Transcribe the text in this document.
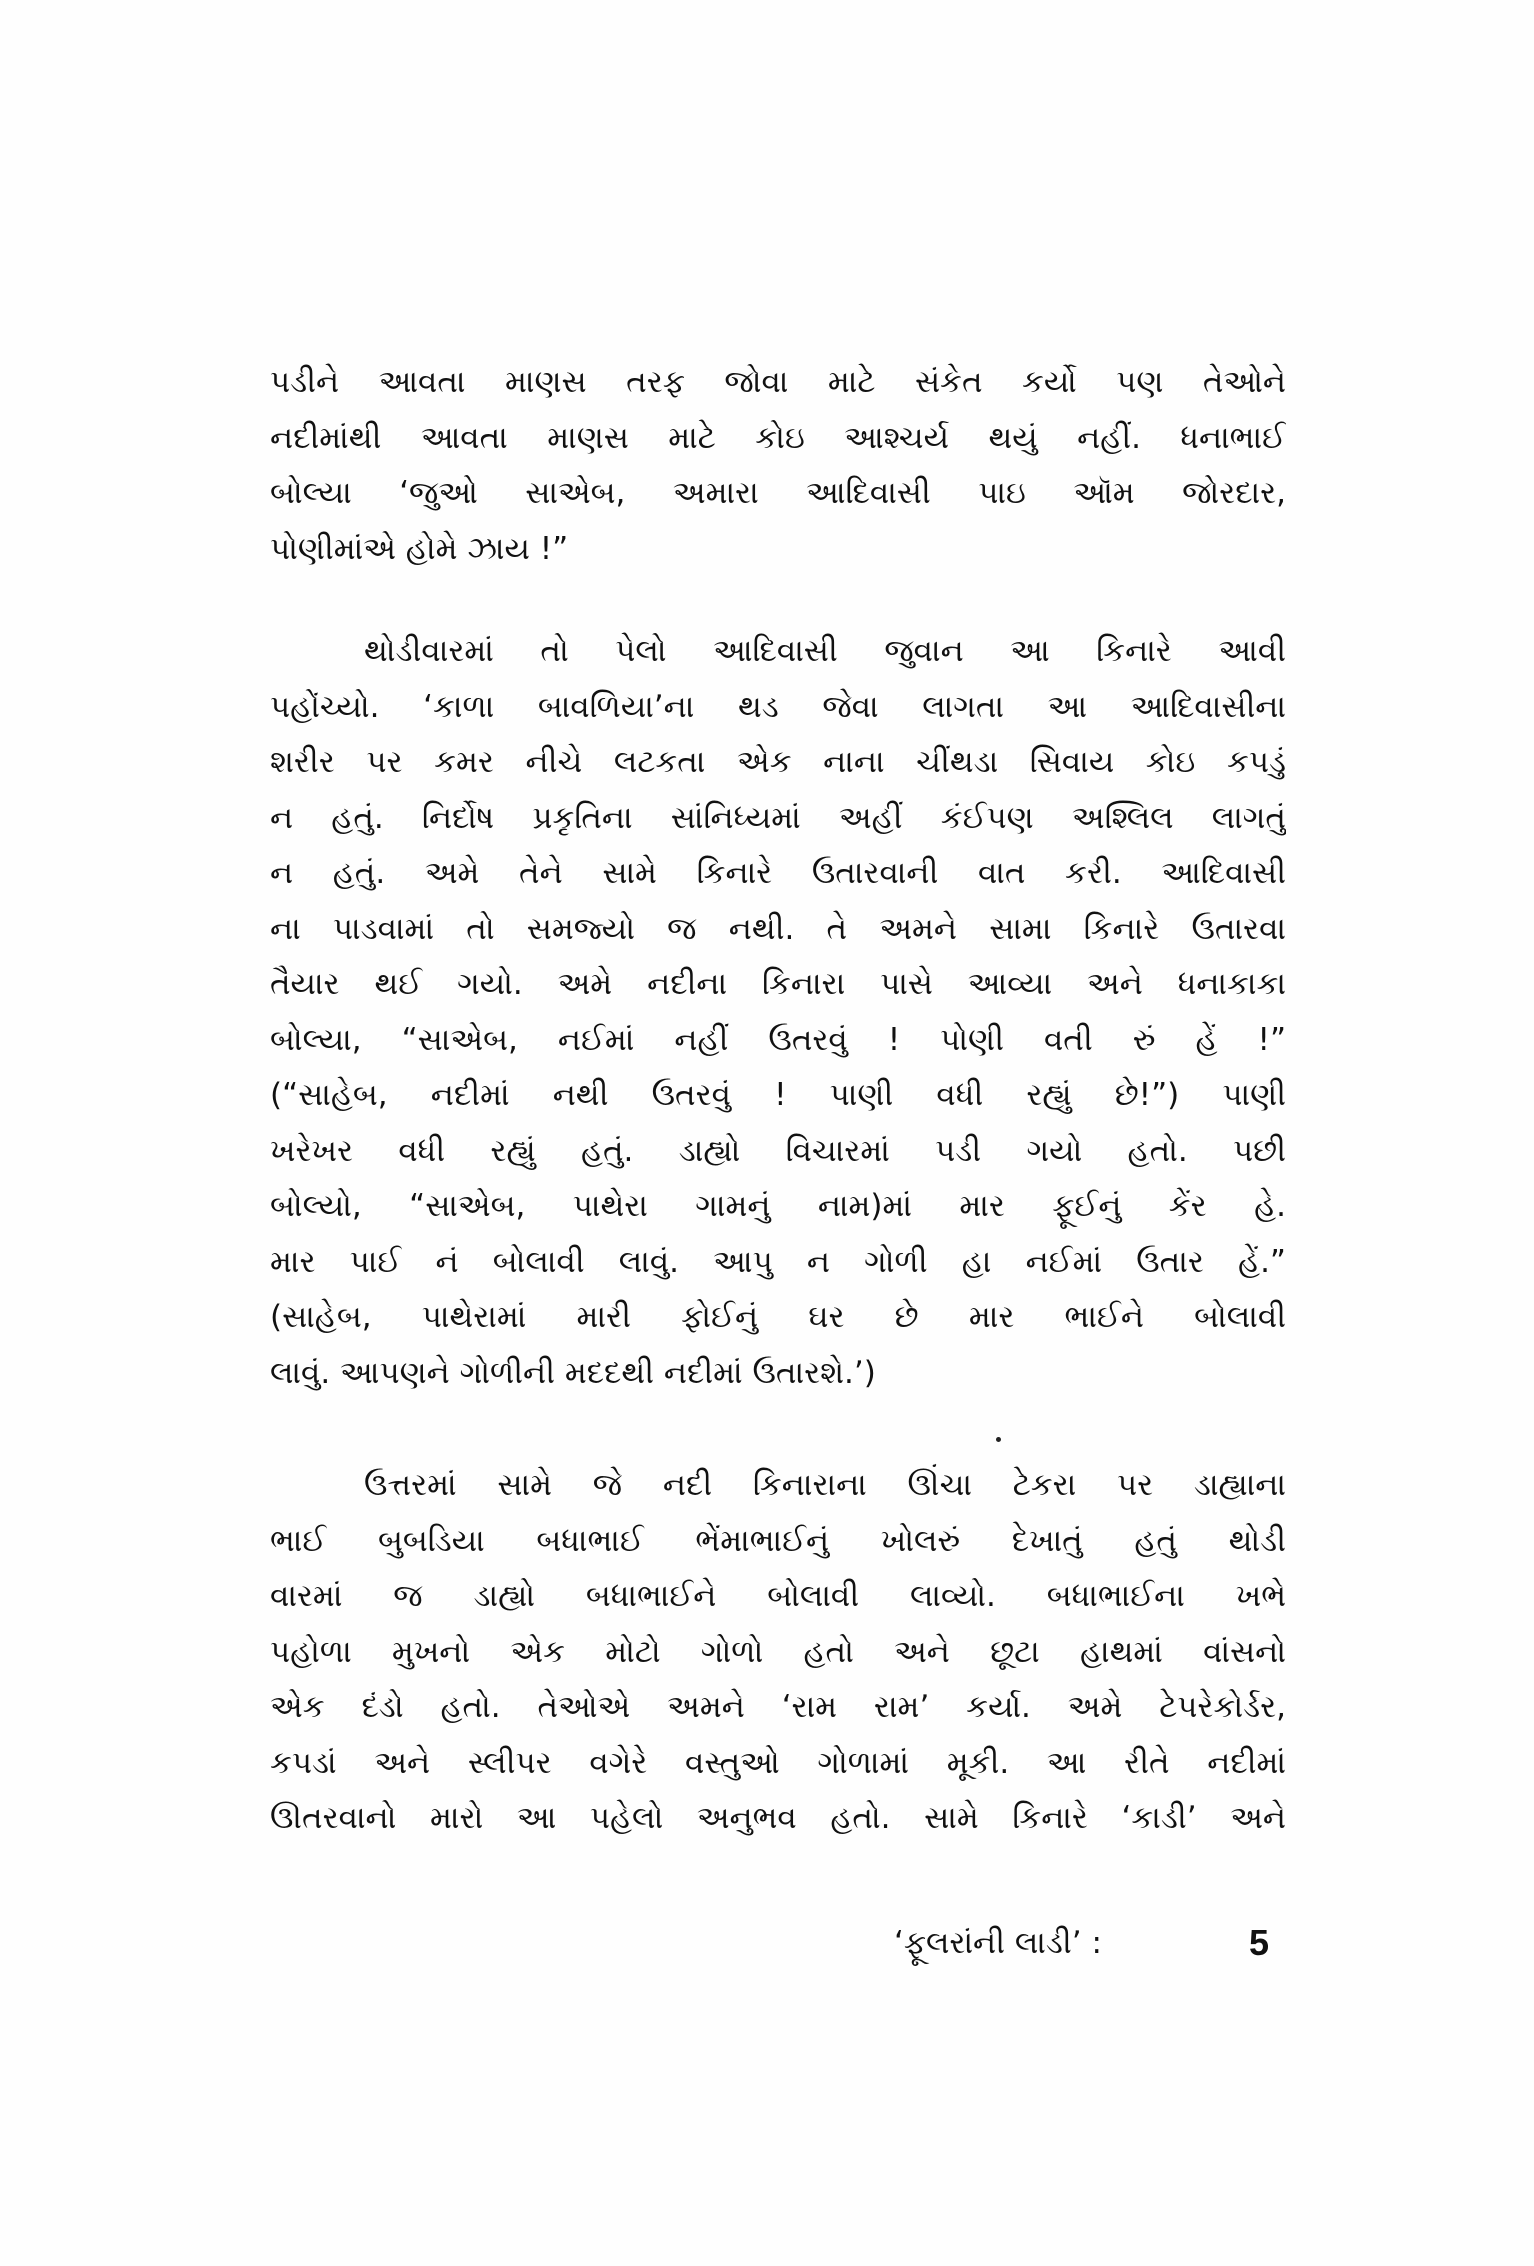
પડીને આવતા માણસ તરફ જોવા માટે સંકેત કર્યો પણ તેઓને
નદીમાંથી આવતા માણસ માટે કોઇ આશ્ચર્ય થયું નહીં. ધનાભાઈ
બોલ્યા ‘જુઓ સાએબ, અમારા આદિવાસી પાઇ ઑમ જોરદાર,
પોણીમાંએ હોમે ઝાય !”
થોડીવારમાં તો પેલો આદિવાસી જુવાન આ કિનારે આવી
પહોંચ્યો. ‘કાળા બાવળિયા’ના થડ જેવા લાગતા આ આદિવાસીના
શરીર પર કમર નીચે લટકતા એક નાના ચીંથડા સિવાય કોઇ કપડું
ન હતું. નિર્દોષ પ્રકૃતિના સાંનિધ્યમાં અહીં કંઈપણ અશ્લિલ લાગતું
ન હતું. અમે તેને સામે કિનારે ઉતારવાની વાત કરી. આદિવાસી
ના પાડવામાં તો સમજ્યો જ નથી. તે અમને સામા કિનારે ઉતારવા
તૈયાર થઈ ગયો. અમે નદીના કિનારા પાસે આવ્યા અને ધનાકાકા
બોલ્યા, “સાએબ, નઈમાં નહીં ઉતરવું ! પોણી વતી રું હેં !”
(“સાહેબ, નદીમાં નથી ઉતરવું ! પાણી વધી રહ્યું છે!”) પાણી
ખરેખર વધી રહ્યું હતું. ડાહ્યો વિચારમાં પડી ગયો હતો. પછી
બોલ્યો, “સાએબ, પાથેરા ગામનું નામ)માં માર ફૂઈનું કેંર હે.
માર પાઈ નં બોલાવી લાવું. આપુ ન ગોળી હા નઈમાં ઉતાર હેં.”
(સાહેબ, પાથેરામાં મારી ફોઈનું ઘર છે માર ભાઈને બોલાવી
લાવું. આપણને ગોળીની મદદથી નદીમાં ઉતારશે.’)
ઉત્તરમાં સામે જે નદી કિનારાના ઊંચા ટેકરા પર ડાહ્યાના
ભાઈ બુબડિયા બધાભાઈ ભેંમાભાઈનું ખોલરું દેખાતું હતું થોડી
વારમાં જ ડાહ્યો બધાભાઈને બોલાવી લાવ્યો. બધાભાઈના ખભે
પહોળા મુખનો એક મોટો ગોળો હતો અને છૂટા હાથમાં વાંસનો
એક દંડો હતો. તેઓએ અમને ‘રામ રામ’ કર્યા. અમે ટેપરેકોર્ડર,
કપડાં અને સ્લીપર વગેરે વસ્તુઓ ગોળામાં મૂકી. આ રીતે નદીમાં
ઊતરવાનો મારો આ પહેલો અનુભવ હતો. સામે કિનારે ‘કાડી’ અને
‘ફૂલરાંની લાડી’ :	5
